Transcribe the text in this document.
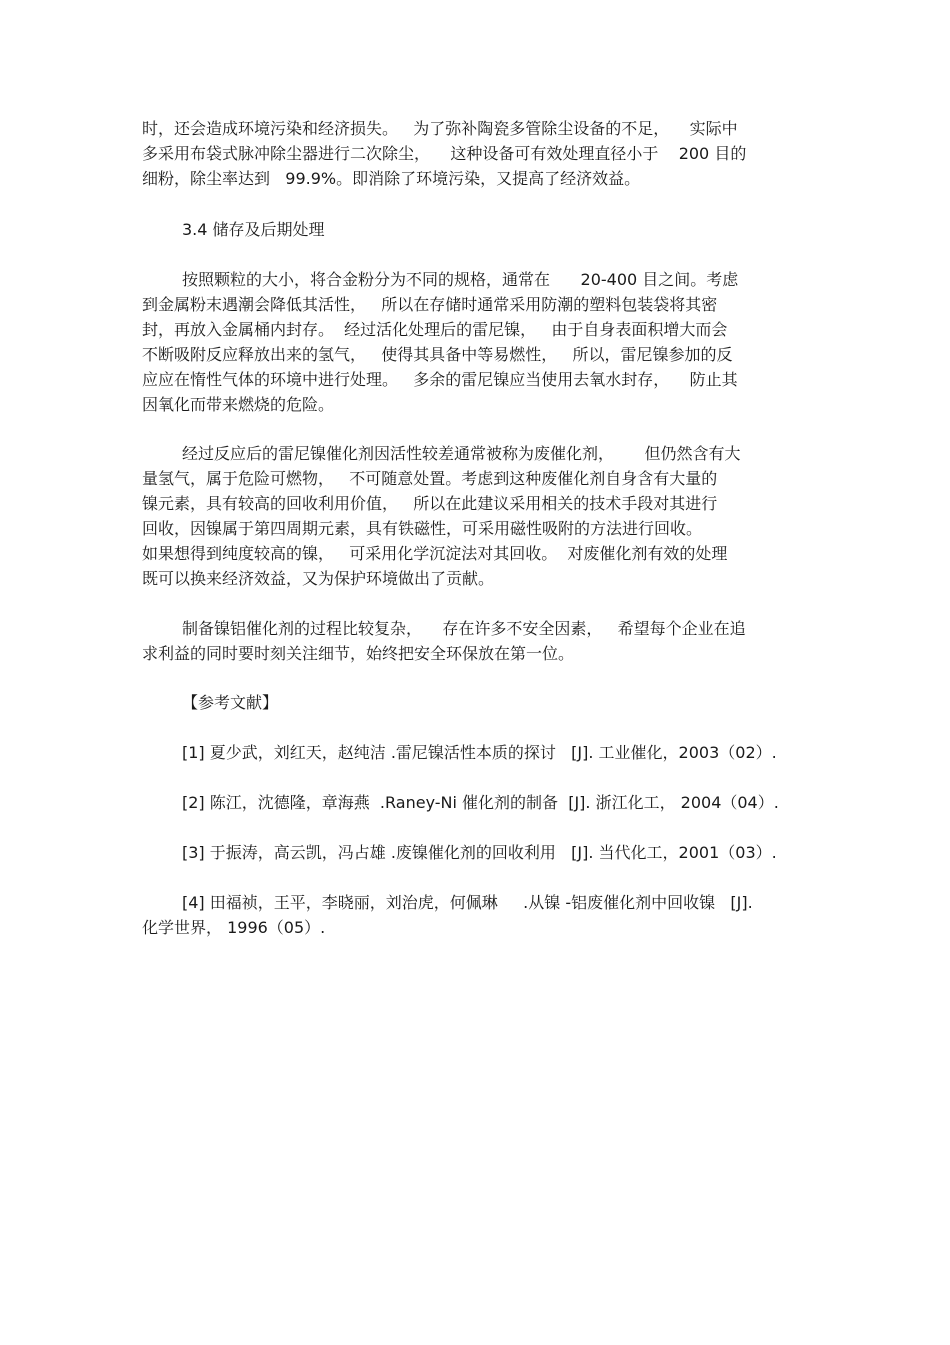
时，还会造成环境污染和经济损失。   为了弥补陶瓷多管除尘设备的不足，    实际中
多采用布袋式脉冲除尘器进行二次除尘，    这种设备可有效处理直径小于    200 目的
细粉，除尘率达到   99.9%。即消除了环境污染，又提高了经济效益。
3.4 储存及后期处理
按照颗粒的大小，将合金粉分为不同的规格，通常在      20-400 目之间。考虑
到金属粉末遇潮会降低其活性，   所以在存储时通常采用防潮的塑料包装袋将其密
封，再放入金属桶内封存。  经过活化处理后的雷尼镍，   由于自身表面积增大而会
不断吸附反应释放出来的氢气，   使得其具备中等易燃性，   所以，雷尼镍参加的反
应应在惰性气体的环境中进行处理。   多余的雷尼镍应当使用去氧水封存，    防止其
因氧化而带来燃烧的危险。
经过反应后的雷尼镍催化剂因活性较差通常被称为废催化剂，      但仍然含有大
量氢气，属于危险可燃物，   不可随意处置。考虑到这种废催化剂自身含有大量的
镍元素，具有较高的回收利用价值，   所以在此建议采用相关的技术手段对其进行
回收，因镍属于第四周期元素，具有铁磁性，可采用磁性吸附的方法进行回收。
如果想得到纯度较高的镍，   可采用化学沉淀法对其回收。  对废催化剂有效的处理
既可以换来经济效益，又为保护环境做出了贡献。
制备镍铝催化剂的过程比较复杂，    存在许多不安全因素，   希望每个企业在追
求利益的同时要时刻关注细节，始终把安全环保放在第一位。
【参考文献】
[1] 夏少武，刘红天，赵纯洁 .雷尼镍活性本质的探讨   [J]. 工业催化，2003（02）.
[2] 陈江，沈德隆，章海燕  .Raney-Ni 催化剂的制备  [J]. 浙江化工， 2004（04）.
[3] 于振涛，高云凯，冯占雄 .废镍催化剂的回收利用   [J]. 当代化工，2001（03）.
[4] 田福祯，王平，李晓丽，刘治虎，何佩琳     .从镍 -铝废催化剂中回收镍   [J].
化学世界， 1996（05）.
